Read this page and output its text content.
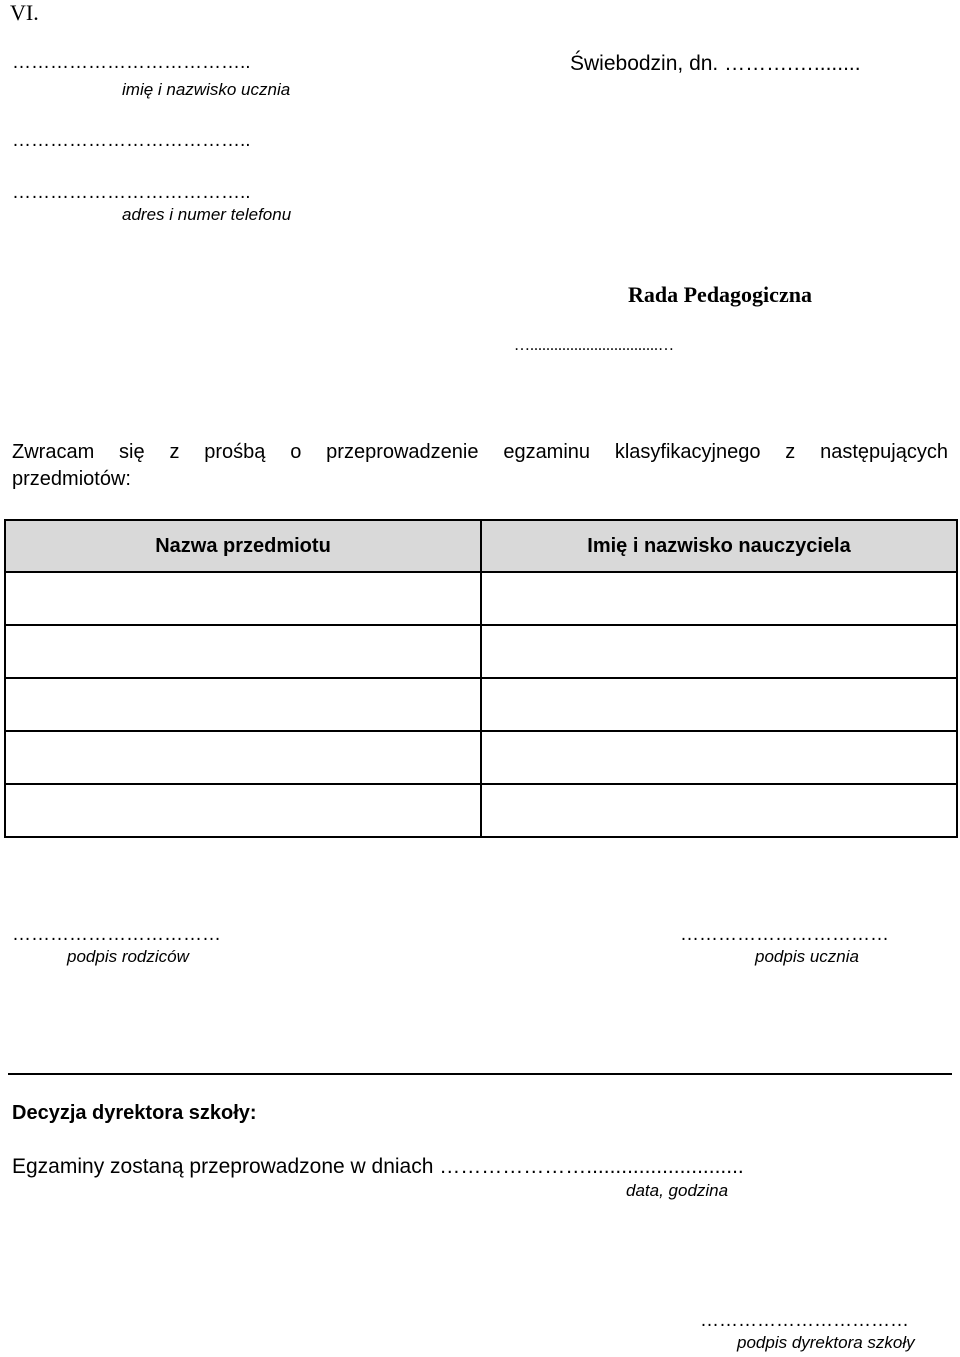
VI.
………………………………..
imię i nazwisko ucznia
Świebodzin, dn. ……….…........
………………………………..
………………………………..
adres i numer telefonu
Rada Pedagogiczna
…................................…
Zwracam się z prośbą o przeprowadzenie egzaminu klasyfikacyjnego z następujących
przedmiotów:
Nazwa przedmiotu	Imię i nazwisko nauczyciela

……………………………
podpis rodziców
……………………………
podpis ucznia
Decyzja dyrektora szkoły:
Egzaminy zostaną przeprowadzone w dniach …………………...........................
data, godzina
……………………………
podpis dyrektora szkoły
